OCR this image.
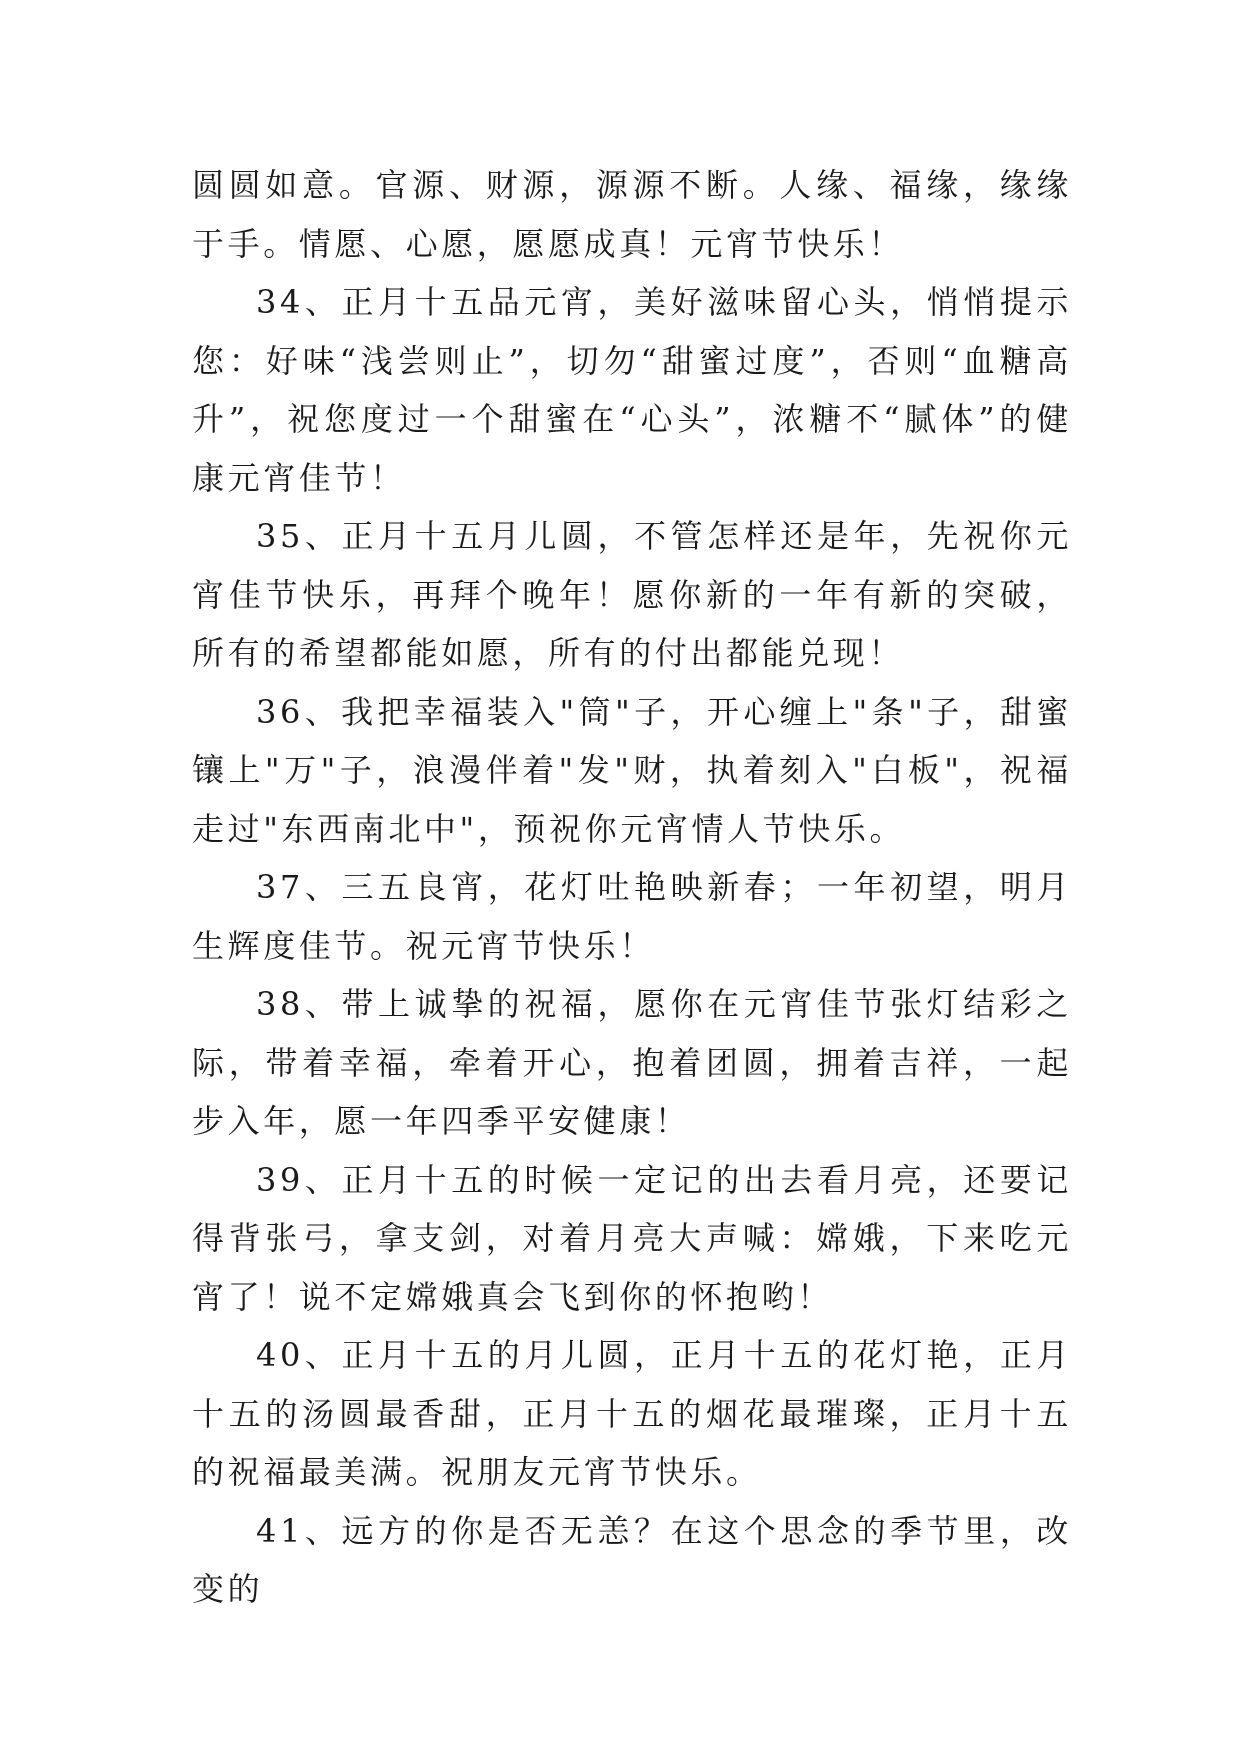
圆圆如意。官源、财源，源源不断。人缘、福缘，缘缘于手。情愿、心愿，愿愿成真！元宵节快乐！

34、正月十五品元宵，美好滋味留心头，悄悄提示您：好味“浅尝则止”，切勿“甜蜜过度”，否则“血糖高升”，祝您度过一个甜蜜在“心头”，浓糖不“腻体”的健康元宵佳节！

35、正月十五月儿圆，不管怎样还是年，先祝你元宵佳节快乐，再拜个晚年！愿你新的一年有新的突破，所有的希望都能如愿，所有的付出都能兑现！

36、我把幸福装入"筒"子，开心缠上"条"子，甜蜜镶上"万"子，浪漫伴着"发"财，执着刻入"白板"，祝福走过"东西南北中"，预祝你元宵情人节快乐。

37、三五良宵，花灯吐艳映新春；一年初望，明月生辉度佳节。祝元宵节快乐！

38、带上诚挚的祝福，愿你在元宵佳节张灯结彩之际，带着幸福，牵着开心，抱着团圆，拥着吉祥，一起步入年，愿一年四季平安健康！

39、正月十五的时候一定记的出去看月亮，还要记得背张弓，拿支剑，对着月亮大声喊：嫦娥，下来吃元宵了！说不定嫦娥真会飞到你的怀抱哟！

40、正月十五的月儿圆，正月十五的花灯艳，正月十五的汤圆最香甜，正月十五的烟花最璀璨，正月十五的祝福最美满。祝朋友元宵节快乐。

41、远方的你是否无恙？在这个思念的季节里，改变的
